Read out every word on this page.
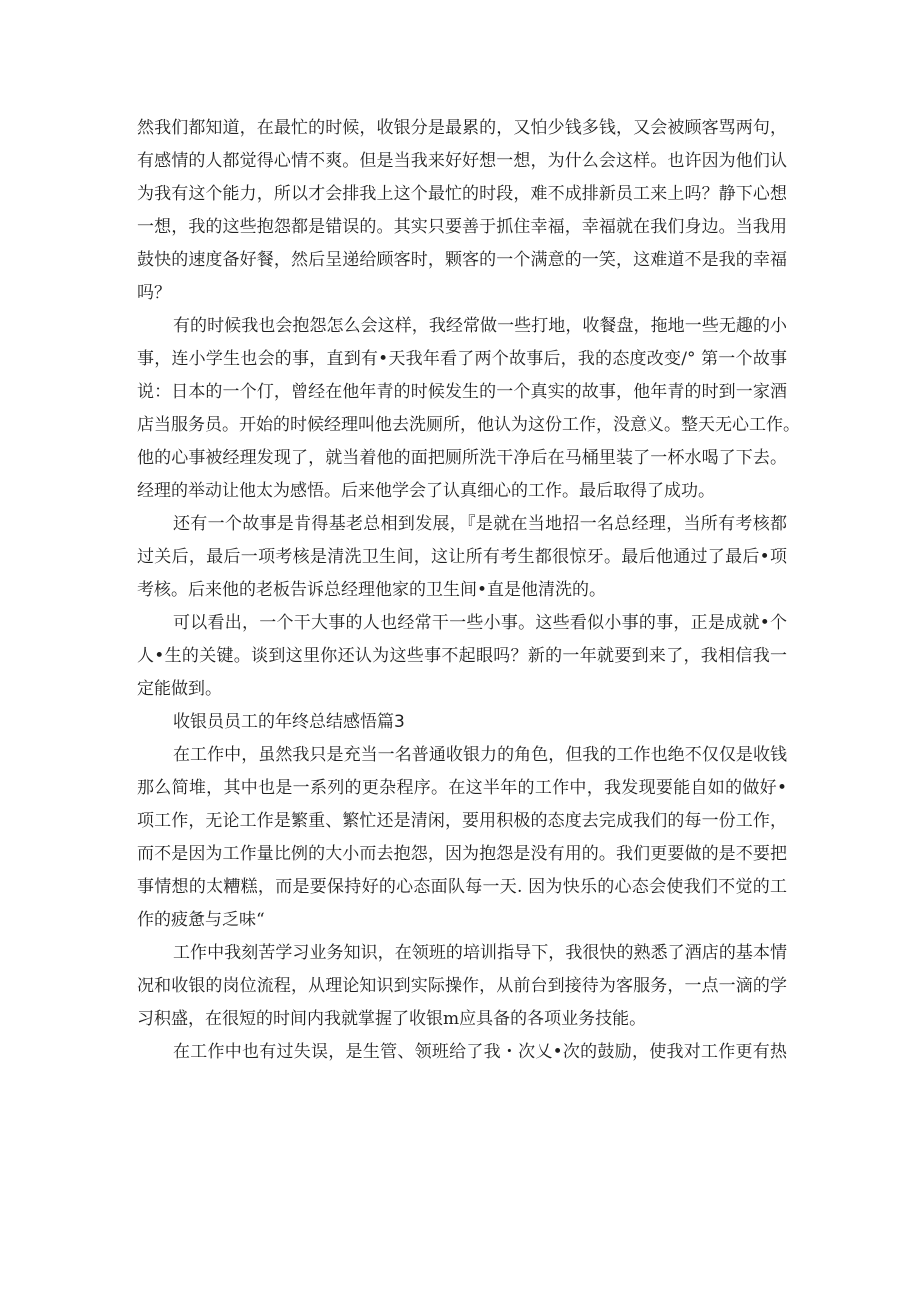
然我们都知道，在最忙的时候，收银分是最累的，又怕少钱多钱，又会被顾客骂两句，
有感情的人都觉得心情不爽。但是当我来好好想一想，为什么会这样。也许因为他们认
为我有这个能力，所以才会排我上这个最忙的时段，难不成排新员工来上吗？静下心想
一想，我的这些抱怨都是错误的。其实只要善于抓住幸福，幸福就在我们身边。当我用
鼓快的速度备好餐，然后呈递给顾客时，颗客的一个满意的一笑，这难道不是我的幸福
吗？
有的时候我也会抱怨怎么会这样，我经常做一些打地，收餐盘，拖地一些无趣的小
事，连小学生也会的事，直到有•天我年看了两个故事后，我的态度改变/° 第一个故事
说：日本的一个仃，曾经在他年青的时候发生的一个真实的故事，他年青的时到一家酒
店当服务员。开始的时候经理叫他去洗厕所，他认为这份工作，没意义。整天无心工作。
他的心事被经理发现了，就当着他的面把厕所洗干净后在马桶里装了一杯水喝了下去。
经理的举动让他太为感悟。后来他学会了认真细心的工作。最后取得了成功。
还有一个故事是肯得基老总相到发展，『是就在当地招一名总经理，当所有考核都
过关后，最后一项考核是清洗卫生间，这让所有考生都很惊牙。最后他通过了最后•项
考核。后来他的老板告诉总经理他家的卫生间•直是他清洗的。
可以看出，一个干大事的人也经常干一些小事。这些看似小事的事，正是成就•个
人•生的关键。谈到这里你还认为这些事不起眼吗？新的一年就要到来了，我相信我一
定能做到。
收银员员工的年终总结感悟篇3
在工作中，虽然我只是充当一名普通收银力的角色，但我的工作也绝不仅仅是收钱
那么简堆，其中也是一系列的更杂程序。在这半年的工作中，我发现要能自如的做好•
项工作，无论工作是繁重、繁忙还是清闲，要用积极的态度去完成我们的每一份工作，
而不是因为工作量比例的大小而去抱怨，因为抱怨是没有用的。我们更要做的是不要把
事情想的太糟糕，而是要保持好的心态面队每一天. 因为快乐的心态会使我们不觉的工
作的疲惫与乏味“
工作中我刻苦学习业务知识，在领班的培训指导下，我很快的熟悉了酒店的基本情
况和收银的岗位流程，从理论知识到实际操作，从前台到接待为客服务，一点一滴的学
习积盛，在很短的时间内我就掌握了收银m应具备的各项业务技能。
在工作中也有过失误，是生管、领班给了我・次乂•次的鼓励，使我对工作更有热
